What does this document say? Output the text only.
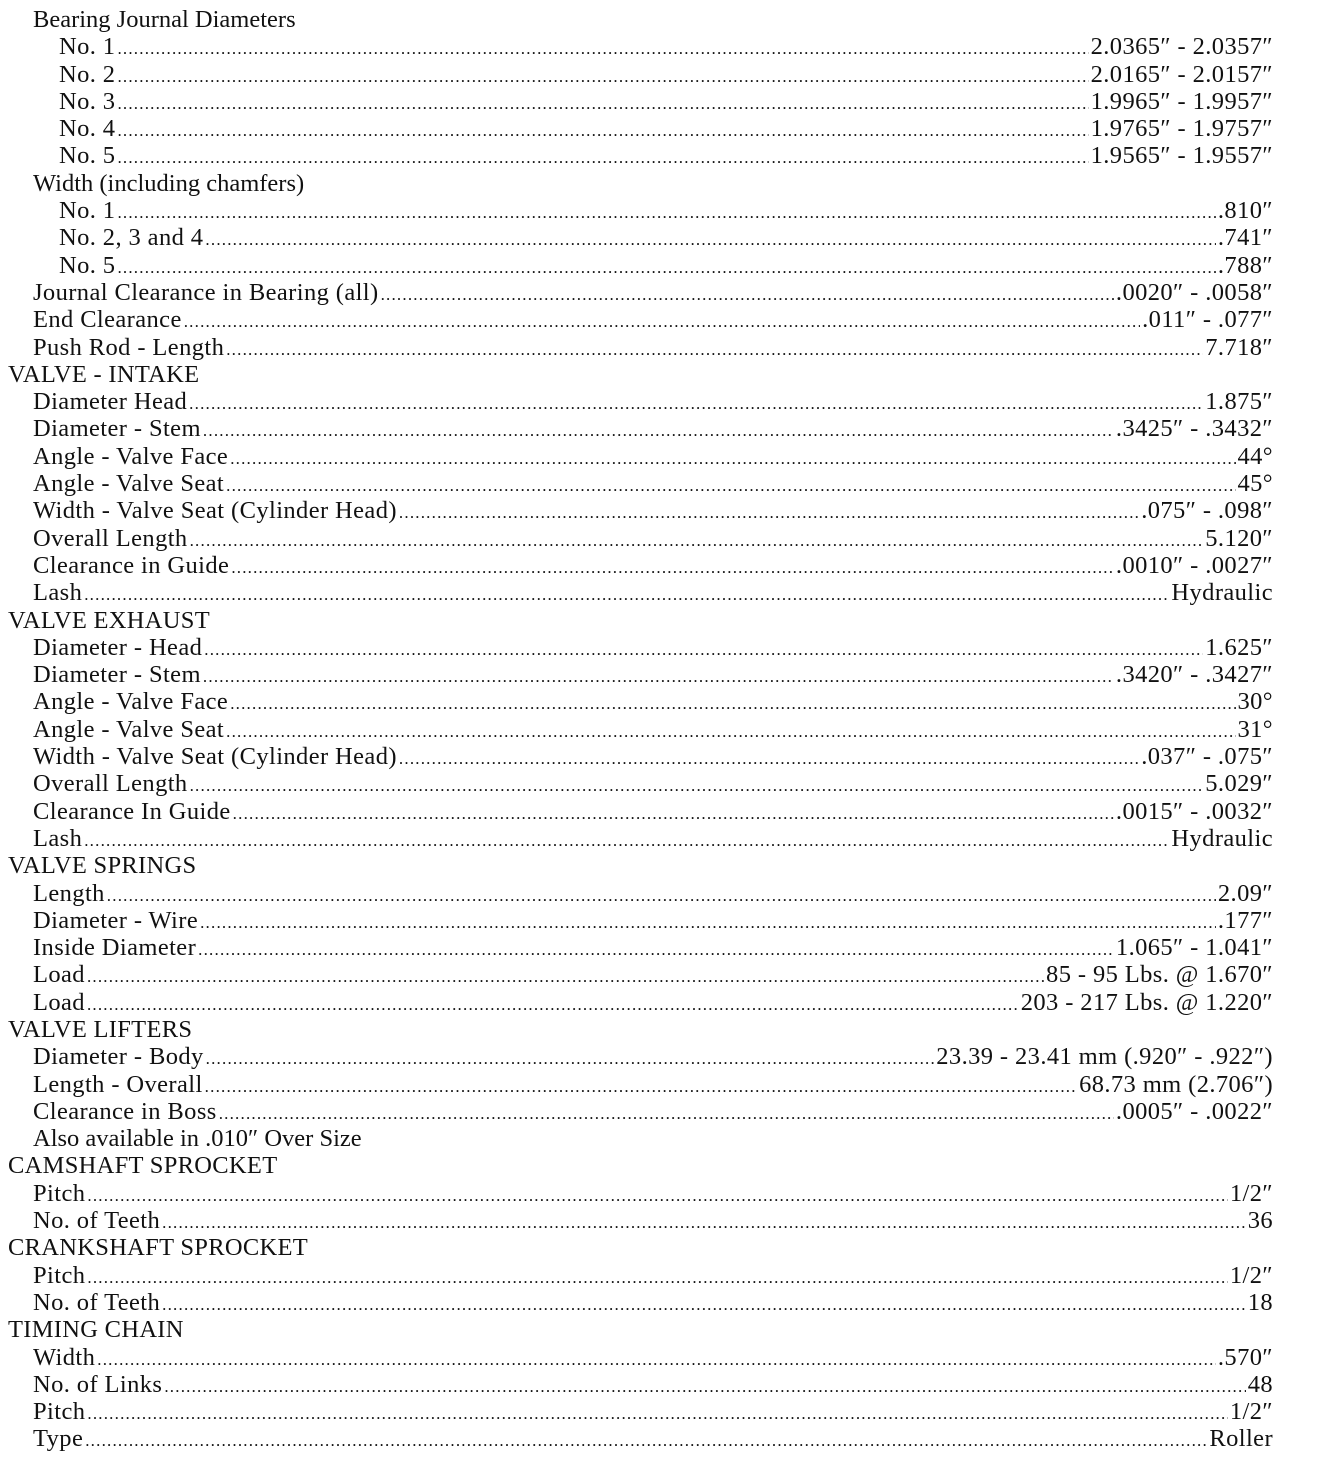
Bearing Journal Diameters
No. 1 .....	2.0365″ - 2.0357″
No. 2 .....	2.0165″ - 2.0157″
No. 3 .....	1.9965″ - 1.9957″
No. 4 .....	1.9765″ - 1.9757″
No. 5 .....	1.9565″ - 1.9557″
Width (including chamfers)
No. 1 .....	.810″
No. 2, 3 and 4 .....	.741″
No. 5 .....	.788″
Journal Clearance in Bearing (all) .....	.0020″ - .0058″
End Clearance .....	.011″ - .077″
Push Rod - Length .....	7.718″
VALVE - INTAKE
Diameter Head .....	1.875″
Diameter - Stem .....	.3425″ - .3432″
Angle - Valve Face .....	44°
Angle - Valve Seat .....	45°
Width - Valve Seat (Cylinder Head) .....	.075″ - .098″
Overall Length .....	5.120″
Clearance in Guide .....	.0010″ - .0027″
Lash .....	Hydraulic
VALVE EXHAUST
Diameter - Head .....	1.625″
Diameter - Stem .....	.3420″ - .3427″
Angle - Valve Face .....	30°
Angle - Valve Seat .....	31°
Width - Valve Seat (Cylinder Head) .....	.037″ - .075″
Overall Length .....	5.029″
Clearance In Guide .....	.0015″ - .0032″
Lash .....	Hydraulic
VALVE SPRINGS
Length .....	2.09″
Diameter - Wire .....	.177″
Inside Diameter .....	1.065″ - 1.041″
Load .....	85 - 95 Lbs. @ 1.670″
Load .....	203 - 217 Lbs. @ 1.220″
VALVE LIFTERS
Diameter - Body .....	23.39 - 23.41 mm (.920″ - .922″)
Length - Overall .....	68.73 mm (2.706″)
Clearance in Boss .....	.0005″ - .0022″
Also available in .010″ Over Size
CAMSHAFT SPROCKET
Pitch .....	1/2″
No. of Teeth .....	36
CRANKSHAFT SPROCKET
Pitch .....	1/2″
No. of Teeth .....	18
TIMING CHAIN
Width .....	.570″
No. of Links .....	48
Pitch .....	1/2″
Type .....	Roller
